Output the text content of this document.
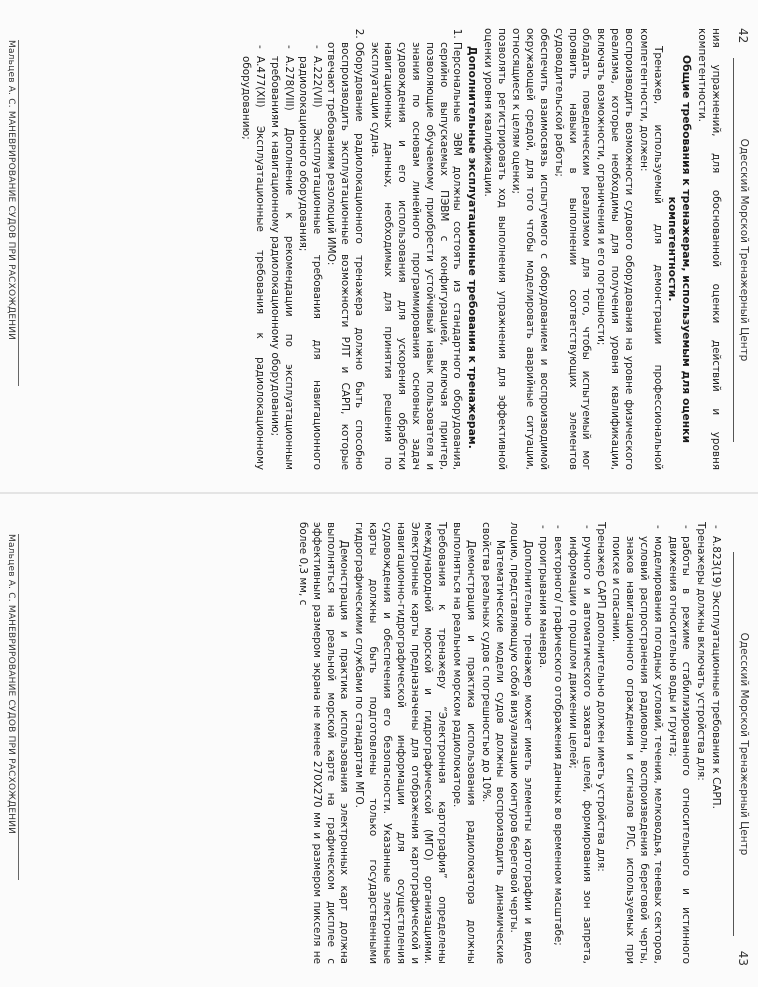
42
Одесский Морской Тренажерный Центр

ния упражнений, для обоснованной оценки действий и уровня компетентности.

Общие требования к тренажерам, используемым для оценки компетентности.

Тренажер, используемый для демонстрации профессиональной компетентности, должен:

воспроизводить возможности судового оборудования на уровне физического реализма, которые необходимы для получения уровня квалификации, включать возможности, ограничения и его погрешности;

обладать поведенческим реализмом для того, чтобы испытуемый мог проявить навыки в выполнении соответствующих элементов судоводительской работы;

обеспечить взаимосвязь испытуемого с оборудованием и воспроизводимой окружающей средой, для того чтобы моделировать аварийные ситуации, относящиеся к целям оценки;

позволять регистрировать ход выполнения упражнения для эффективной оценки уровня квалификации.

Дополнительные эксплуатационные требования к тренажерам.

1. Персональные ЭВМ должны состоять из стандартного оборудования, серийно выпускаемых ПЭВМ с конфигурацией, включая принтер, позволяющие обучаемому приобрести устойчивый навык пользователя и знания по основам линейного программирования основных задач судовождения и его использования для ускорения обработки навигационных данных, необходимых для принятия решения по эксплуатации судна.
2. Оборудование радиолокационного тренажера должно быть способно воспроизводить эксплуатационные возможности РЛТ и САРП, которые отвечают требованиям резолюций ИМО:
- А.222(VII) Эксплуатационные требования для навигационного радиолокационного оборудования;
- А.278(VIII) Дополнение к рекомендации по эксплуатационным требованиям к навигационному радиолокационному оборудованию;
- А.477(XII) Эксплуатационные требования к радиолокационному оборудованию;
Мальцев А. С. МАНЕВРИРОВАНИЕ СУДОВ ПРИ РАСХОЖДЕНИИ
43
Одесский Морской Тренажерный Центр
- А.823(19) Эксплуатационные требования к САРП.

Тренажеры должны включать устройства для:

- работы в режиме стабилизированного относительного и истинного движения относительно воды и грунта;
- моделирования погодных условий, течения, мелководья, теневых секторов, условий распространения радиоволн, воспроизведения береговой черты, знаков навигационного ограждения и сигналов РЛС, используемых при поиске и спасании.

Тренажер САРП дополнительно должен иметь устройства для:

- ручного и автоматического захвата целей, формирования зон запрета, информации о прошлом движении целей;
- векторного/ графического отображения данных во временном масштабе;
- проигрывания маневра.

Дополнительно тренажер может иметь элементы картографии и видео лоцию, представляющую собой визуализацию контуров береговой черты.

Математические модели судов должны воспроизводить динамические свойства реальных судов с погрешностью до 10%.

Демонстрация и практика использования радиолокатора должны выполняться на реальном морском радиолокаторе.

Требования к тренажеру “Электронная картография” определены международной морской и гидрографической (МГО) организациями. Электронные карты предназначены для отображения картографической и навигационно-гидрографической информации для осуществления судовождения и обеспечения его безопасности. Указанные электронные карты должны быть подготовлены только государственными гидрографическими службами по стандартам МГО.

Демонстрация и практика использования электронных карт должна выполняться на реальной морской карте на графическом дисплее с эффективным размером экрана не менее 270Х270 мм и размером пикселя не более 0,3 мм, с

Мальцев А. С. МАНЕВРИРОВАНИЕ СУДОВ ПРИ РАСХОЖДЕНИИ
